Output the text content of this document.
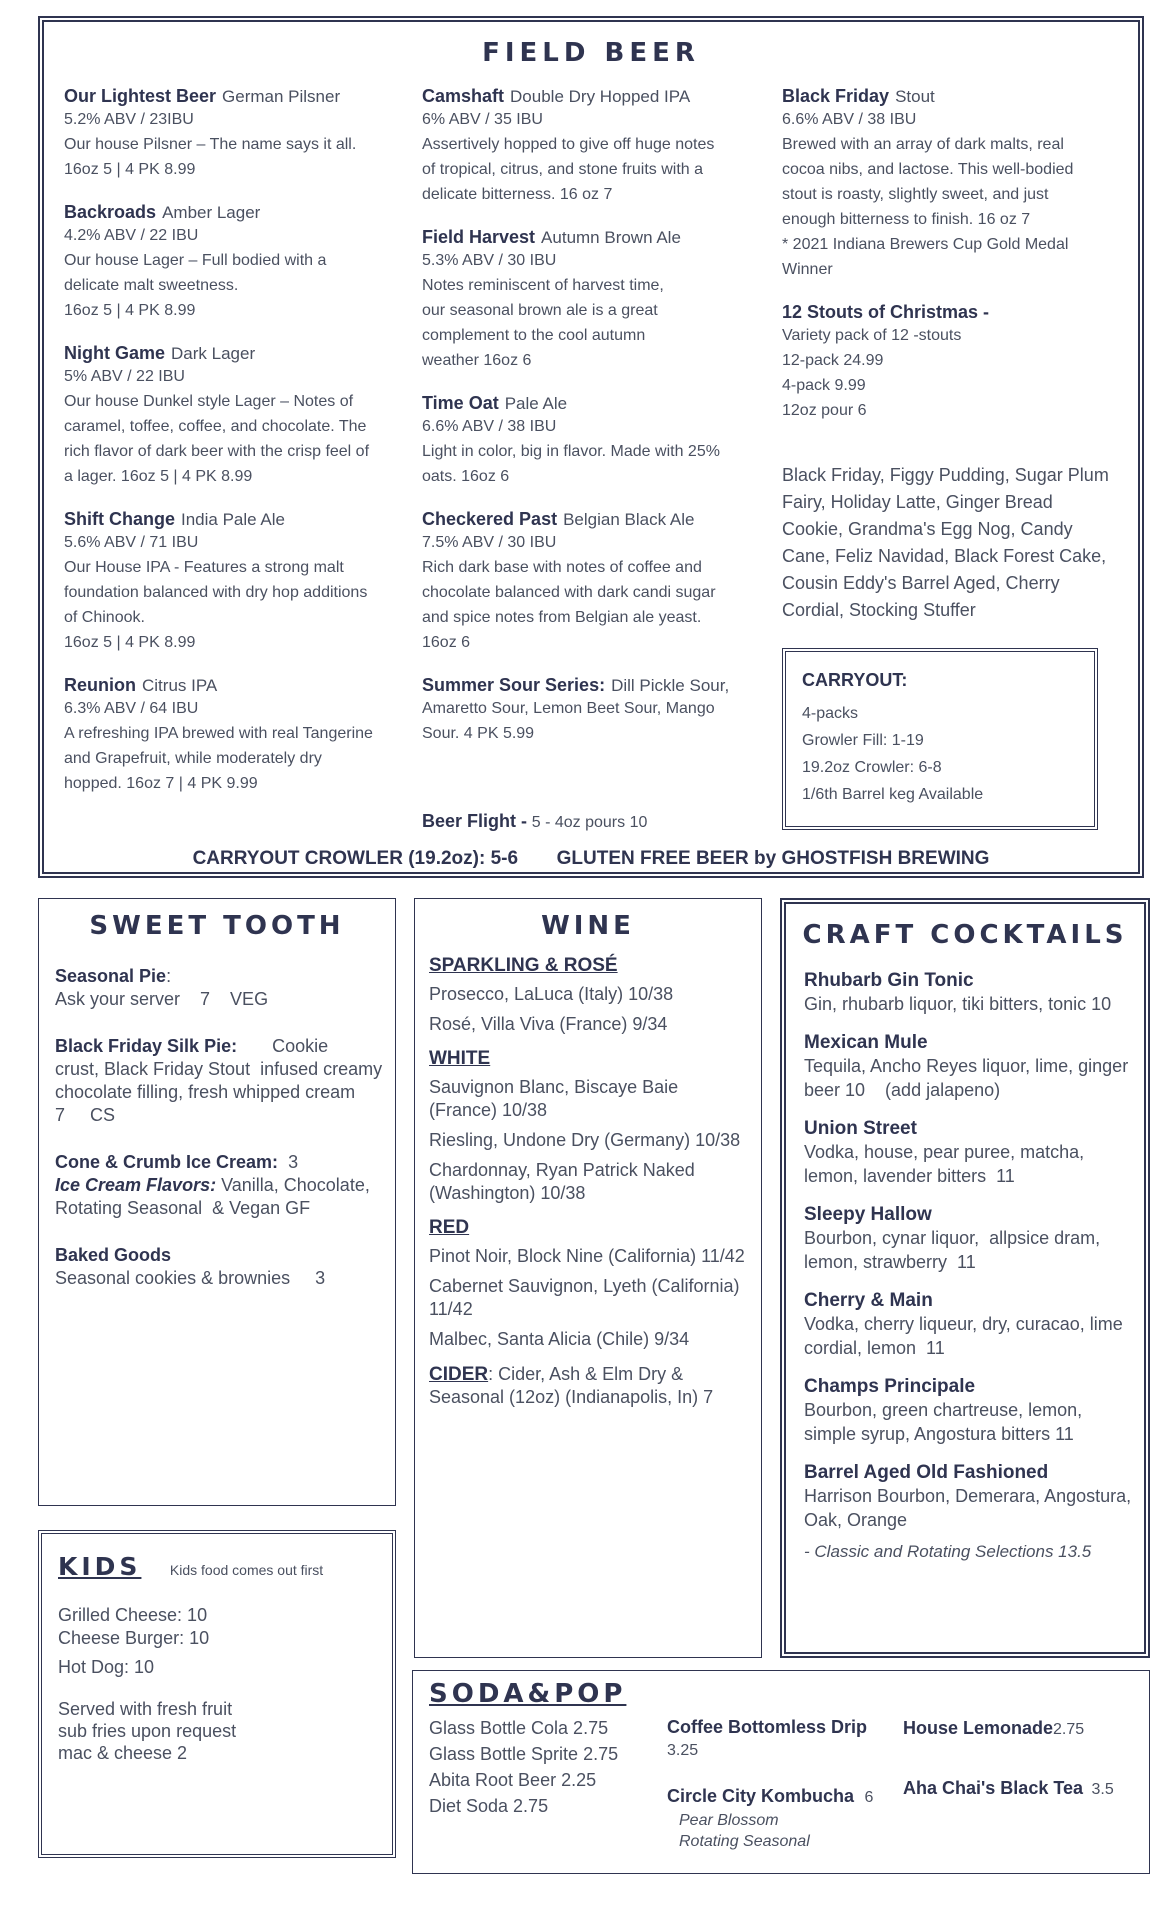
FIELD BEER
Our Lightest Beer German Pilsner
5.2% ABV / 23IBU
Our house Pilsner – The name says it all.
16oz 5 | 4 PK 8.99
Backroads Amber Lager
4.2% ABV / 22 IBU
Our house Lager – Full bodied with a
delicate malt sweetness.
16oz 5 | 4 PK 8.99
Night Game Dark Lager
5% ABV / 22 IBU
Our house Dunkel style Lager – Notes of
caramel, toffee, coffee, and chocolate. The
rich flavor of dark beer with the crisp feel of
a lager. 16oz 5 | 4 PK 8.99
Shift Change India Pale Ale
5.6% ABV / 71 IBU
Our House IPA - Features a strong malt
foundation balanced with dry hop additions
of Chinook.
16oz 5 | 4 PK 8.99
Reunion Citrus IPA
6.3% ABV / 64 IBU
A refreshing IPA brewed with real Tangerine
and Grapefruit, while moderately dry
hopped. 16oz 7 | 4 PK 9.99
Camshaft Double Dry Hopped IPA
6% ABV / 35 IBU
Assertively hopped to give off huge notes
of tropical, citrus, and stone fruits with a
delicate bitterness. 16 oz 7
Field Harvest Autumn Brown Ale
5.3% ABV / 30 IBU
Notes reminiscent of harvest time,
our seasonal brown ale is a great
complement to the cool autumn
weather 16oz 6
Time Oat Pale Ale
6.6% ABV / 38 IBU
Light in color, big in flavor. Made with 25%
oats. 16oz 6
Checkered Past Belgian Black Ale
7.5% ABV / 30 IBU
Rich dark base with notes of coffee and
chocolate balanced with dark candi sugar
and spice notes from Belgian ale yeast.
16oz 6
Summer Sour Series: Dill Pickle Sour,
Amaretto Sour, Lemon Beet Sour, Mango
Sour. 4 PK 5.99
Black Friday Stout
6.6% ABV / 38 IBU
Brewed with an array of dark malts, real
cocoa nibs, and lactose. This well-bodied
stout is roasty, slightly sweet, and just
enough bitterness to finish. 16 oz 7
* 2021 Indiana Brewers Cup Gold Medal
Winner
12 Stouts of Christmas -
Variety pack of 12 -stouts
12-pack 24.99
4-pack 9.99
12oz pour 6
Beer Flight - 5 - 4oz pours 10
Black Friday, Figgy Pudding, Sugar Plum Fairy, Holiday Latte, Ginger Bread Cookie, Grandma's Egg Nog, Candy Cane, Feliz Navidad, Black Forest Cake, Cousin Eddy's Barrel Aged, Cherry Cordial, Stocking Stuffer
CARRYOUT:
4-packs
Growler Fill: 1-19
19.2oz Crowler: 6-8
1/6th Barrel keg Available
CARRYOUT CROWLER (19.2oz): 5-6 GLUTEN FREE BEER by GHOSTFISH BREWING
SWEET TOOTH
Seasonal Pie:
Ask your server    7    VEG
Black Friday Silk Pie:       Cookie
crust, Black Friday Stout  infused creamy chocolate filling, fresh whipped cream    7     CS
Cone & Crumb Ice Cream:  3
Ice Cream Flavors: Vanilla, Chocolate, Rotating Seasonal  & Vegan GF
Baked Goods
Seasonal cookies & brownies     3
WINE
SPARKLING & ROSÉ
Prosecco, LaLuca (Italy) 10/38
Rosé, Villa Viva (France) 9/34
WHITE
Sauvignon Blanc, Biscaye Baie (France) 10/38
Riesling, Undone Dry (Germany) 10/38
Chardonnay, Ryan Patrick Naked (Washington) 10/38
RED
Pinot Noir, Block Nine (California) 11/42
Cabernet Sauvignon, Lyeth (California) 11/42
Malbec, Santa Alicia (Chile) 9/34
CIDER: Cider, Ash & Elm Dry & Seasonal (12oz) (Indianapolis, In) 7
CRAFT COCKTAILS
Rhubarb Gin Tonic
Gin, rhubarb liquor, tiki bitters, tonic 10
Mexican Mule
Tequila, Ancho Reyes liquor, lime, ginger beer 10    (add jalapeno)
Union Street
Vodka, house, pear puree, matcha, lemon, lavender bitters  11
Sleepy Hallow
Bourbon, cynar liquor,  allpsice dram, lemon, strawberry  11
Cherry & Main
Vodka, cherry liqueur, dry, curacao, lime cordial, lemon  11
Champs Principale
Bourbon, green chartreuse, lemon, simple syrup, Angostura bitters 11
Barrel Aged Old Fashioned
Harrison Bourbon, Demerara, Angostura, Oak, Orange
- Classic and Rotating Selections 13.5
KIDS Kids food comes out first
Grilled Cheese: 10
Cheese Burger: 10
Hot Dog: 10
Served with fresh fruit
sub fries upon request
mac & cheese 2
SODA&POP
Glass Bottle Cola 2.75
Glass Bottle Sprite 2.75
Abita Root Beer 2.25
Diet Soda 2.75
Coffee Bottomless Drip
3.25
Circle City Kombucha 6
Pear Blossom
Rotating Seasonal
House Lemonade2.75
Aha Chai's Black Tea 3.5
